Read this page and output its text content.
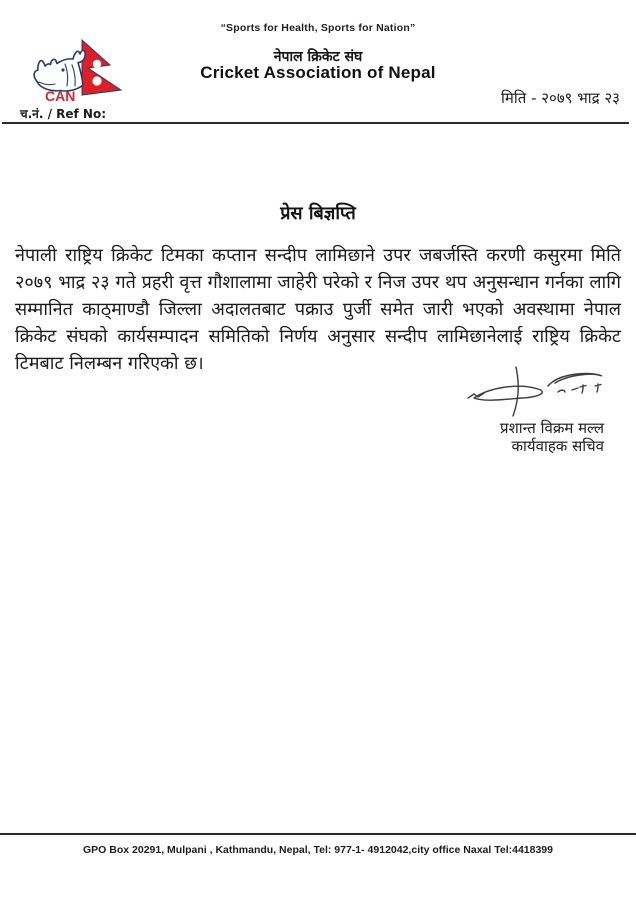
“Sports for Health, Sports for Nation”
CAN
नेपाल क्रिकेट संघ
Cricket Association of Nepal
मिति - २०७९ भाद्र २३
च.नं. / Ref No:
प्रेस बिज्ञप्ति
नेपाली राष्ट्रिय क्रिकेट टिमका कप्तान सन्दीप लामिछाने उपर जबर्जस्ति करणी कसुरमा मिति २०७९ भाद्र २३ गते प्रहरी वृत्त गौशालामा जाहेरी परेको र निज उपर थप अनुसन्धान गर्नका लागि सम्मानित काठ्माण्डौ जिल्ला अदालतबाट पक्राउ पुर्जी समेत जारी भएको अवस्थामा नेपाल क्रिकेट संघको कार्यसम्पादन समितिको निर्णय अनुसार सन्दीप लामिछानेलाई राष्ट्रिय क्रिकेट टिमबाट निलम्बन गरिएको छ।
प्रशान्त विक्रम मल्ल
कार्यवाहक सचिव
GPO Box 20291, Mulpani , Kathmandu, Nepal, Tel: 977-1- 4912042,city office Naxal Tel:4418399
